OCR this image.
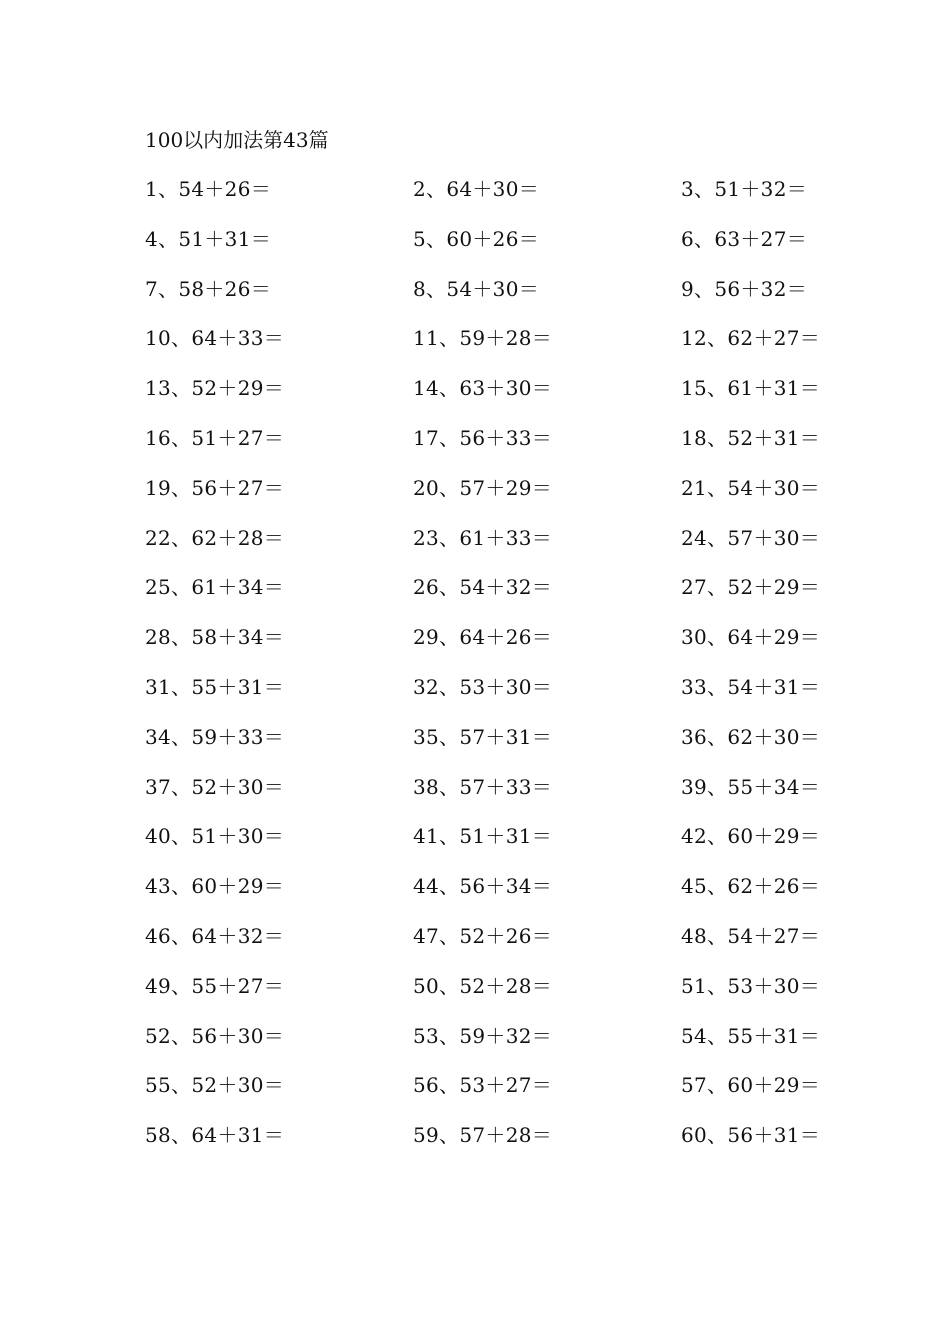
100以内加法第43篇
1、54＋26＝	2、64＋30＝	3、51＋32＝
4、51＋31＝	5、60＋26＝	6、63＋27＝
7、58＋26＝	8、54＋30＝	9、56＋32＝
10、64＋33＝	11、59＋28＝	12、62＋27＝
13、52＋29＝	14、63＋30＝	15、61＋31＝
16、51＋27＝	17、56＋33＝	18、52＋31＝
19、56＋27＝	20、57＋29＝	21、54＋30＝
22、62＋28＝	23、61＋33＝	24、57＋30＝
25、61＋34＝	26、54＋32＝	27、52＋29＝
28、58＋34＝	29、64＋26＝	30、64＋29＝
31、55＋31＝	32、53＋30＝	33、54＋31＝
34、59＋33＝	35、57＋31＝	36、62＋30＝
37、52＋30＝	38、57＋33＝	39、55＋34＝
40、51＋30＝	41、51＋31＝	42、60＋29＝
43、60＋29＝	44、56＋34＝	45、62＋26＝
46、64＋32＝	47、52＋26＝	48、54＋27＝
49、55＋27＝	50、52＋28＝	51、53＋30＝
52、56＋30＝	53、59＋32＝	54、55＋31＝
55、52＋30＝	56、53＋27＝	57、60＋29＝
58、64＋31＝	59、57＋28＝	60、56＋31＝
